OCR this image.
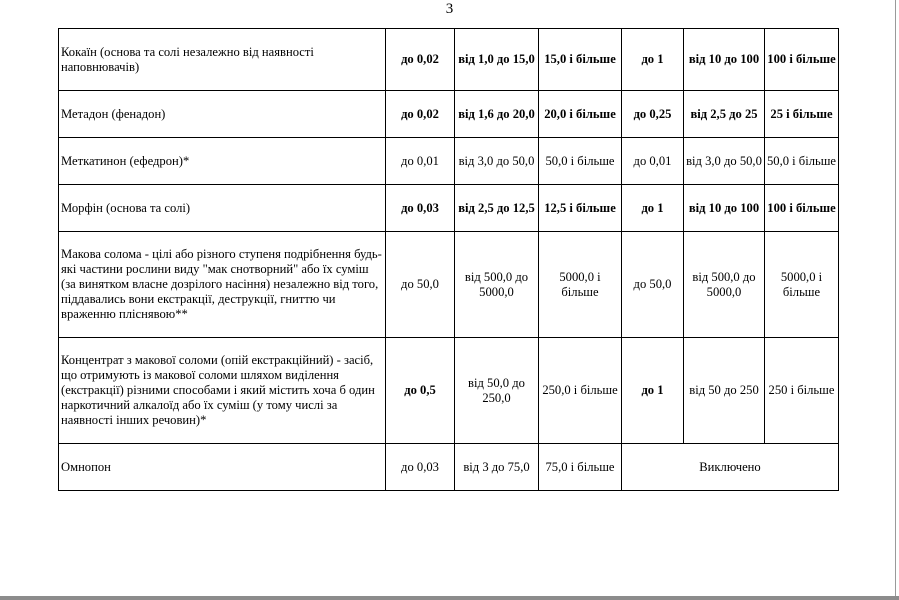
3
Кокаїн (основа та солі незалежно від наявності наповнювачів)	до 0,02	від 1,0 до 15,0	15,0 і більше	до 1	від 10 до 100	100 і більше
Метадон (фенадон)	до 0,02	від 1,6 до 20,0	20,0 і більше	до 0,25	від 2,5 до 25	25 і більше
Меткатинон (ефедрон)*	до 0,01	від 3,0 до 50,0	50,0 і більше	до 0,01	від 3,0 до 50,0	50,0 і більше
Морфін (основа та солі)	до 0,03	від 2,5 до 12,5	12,5 і більше	до 1	від 10 до 100	100 і більше
Макова солома - цілі або різного ступеня подрібнення будь-які частини рослини виду "мак снотворний" або їх суміш (за винятком власне дозрілого насіння) незалежно від того, піддавались вони екстракції, деструкції, гниттю чи враженню пліснявою**	до 50,0	від 500,0 до 5000,0	5000,0 і більше	до 50,0	від 500,0 до 5000,0	5000,0 і більше
Концентрат з макової соломи (опій екстракційний) - засіб, що отримують із макової соломи шляхом виділення (екстракції) різними способами і який містить хоча б один наркотичний алкалоїд або їх суміш (у тому числі за наявності інших речовин)*	до 0,5	від 50,0 до 250,0	250,0 і більше	до 1	від 50 до 250	250 і більше
Омнопон	до 0,03	від 3 до 75,0	75,0 і більше	Виключено		
